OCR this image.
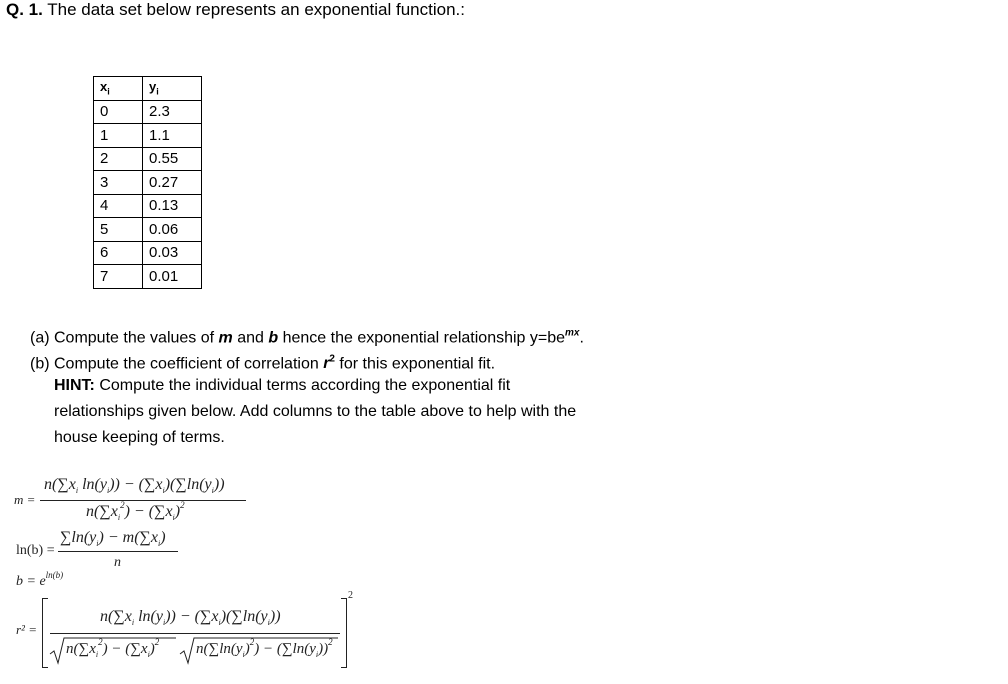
Q. 1. The data set below represents an exponential function.:
$x_i$	$y_i$
0	2.3
1	1.1
2	0.55
3	0.27
4	0.13
5	0.06
6	0.03
7	0.01
(a) Compute the values of m and b hence the exponential relationship $y=be^{mx}$.
(b) Compute the coefficient of correlation $r^2$ for this exponential fit.
HINT: Compute the individual terms according the exponential fit
relationships given below. Add columns to the table above to help with the
house keeping of terms.
m =
$n(\sum x_i$ $\ln(y_i)) - (\sum x_i)(\sum\ln(y_i))$
$n(\sum x_i^2) - (\sum x_i)^2$
ln(b) =
$\sum\ln(y_i) - m(\sum x_i)$
n
$b = e^{ln(b)}$
r² =
2
$n(\sum x_i$ $\ln(y_i)) - (\sum x_i)(\sum\ln(y_i))$
$n(\sum x_i^2) - (\sum x_i)^2$ $n(\sum\ln(y_i)^2) - (\sum\ln(y_i))^2$
